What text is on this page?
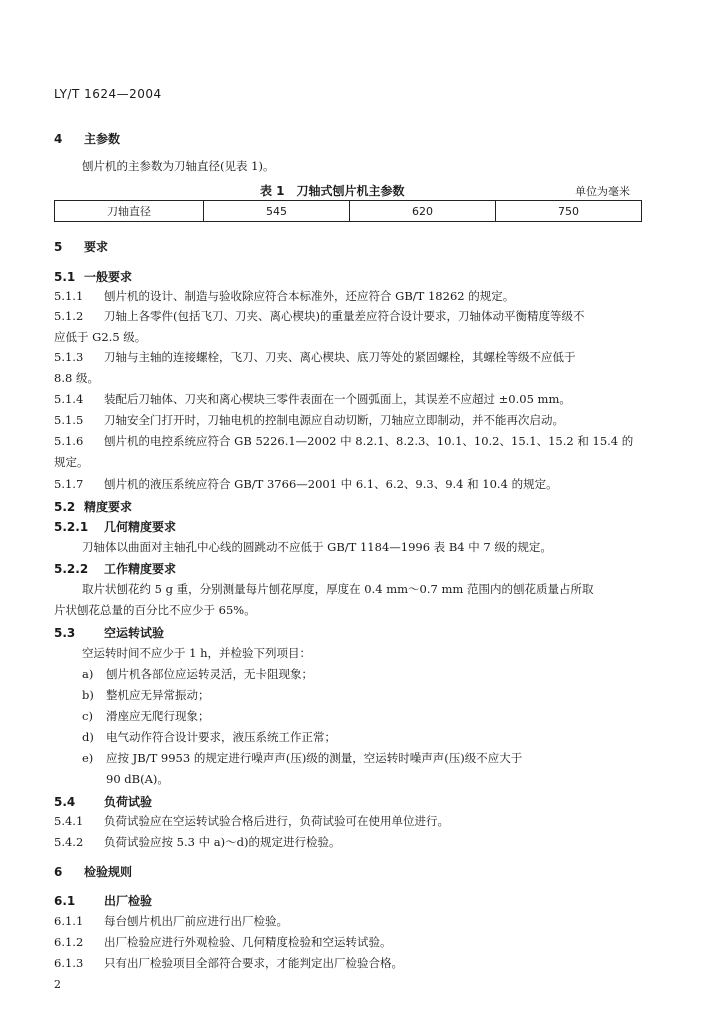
LY/T 1624—2004
4 主参数
刨片机的主参数为刀轴直径(见表 1)。
表 1　刀轴式刨片机主参数	单位为毫米
刀轴直径	545	620	750
5 要求
5.1 一般要求
5.1.1 刨片机的设计、制造与验收除应符合本标准外，还应符合 GB/T 18262 的规定。
5.1.2 刀轴上各零件(包括飞刀、刀夹、离心楔块)的重量差应符合设计要求，刀轴体动平衡精度等级不
应低于 G2.5 级。
5.1.3 刀轴与主轴的连接螺栓，飞刀、刀夹、离心楔块、底刀等处的紧固螺栓，其螺栓等级不应低于
8.8 级。
5.1.4 装配后刀轴体、刀夹和离心楔块三零件表面在一个圆弧面上，其误差不应超过 ±0.05 mm。
5.1.5 刀轴安全门打开时，刀轴电机的控制电源应自动切断，刀轴应立即制动，并不能再次启动。
5.1.6 刨片机的电控系统应符合 GB 5226.1—2002 中 8.2.1、8.2.3、10.1、10.2、15.1、15.2 和 15.4 的
规定。
5.1.7 刨片机的液压系统应符合 GB/T 3766—2001 中 6.1、6.2、9.3、9.4 和 10.4 的规定。
5.2 精度要求
5.2.1 几何精度要求
刀轴体以曲面对主轴孔中心线的圆跳动不应低于 GB/T 1184—1996 表 B4 中 7 级的规定。
5.2.2 工作精度要求
取片状刨花约 5 g 重，分别测量每片刨花厚度，厚度在 0.4 mm～0.7 mm 范围内的刨花质量占所取
片状刨花总量的百分比不应少于 65%。
5.3 空运转试验
空运转时间不应少于 1 h，并检验下列项目：
a) 刨片机各部位应运转灵活，无卡阻现象；
b) 整机应无异常振动；
c) 滑座应无爬行现象；
d) 电气动作符合设计要求，液压系统工作正常；
e) 应按 JB/T 9953 的规定进行噪声声(压)级的测量，空运转时噪声声(压)级不应大于
90 dB(A)。
5.4 负荷试验
5.4.1 负荷试验应在空运转试验合格后进行，负荷试验可在使用单位进行。
5.4.2 负荷试验应按 5.3 中 a)～d)的规定进行检验。
6 检验规则
6.1 出厂检验
6.1.1 每台刨片机出厂前应进行出厂检验。
6.1.2 出厂检验应进行外观检验、几何精度检验和空运转试验。
6.1.3 只有出厂检验项目全部符合要求，才能判定出厂检验合格。
2
